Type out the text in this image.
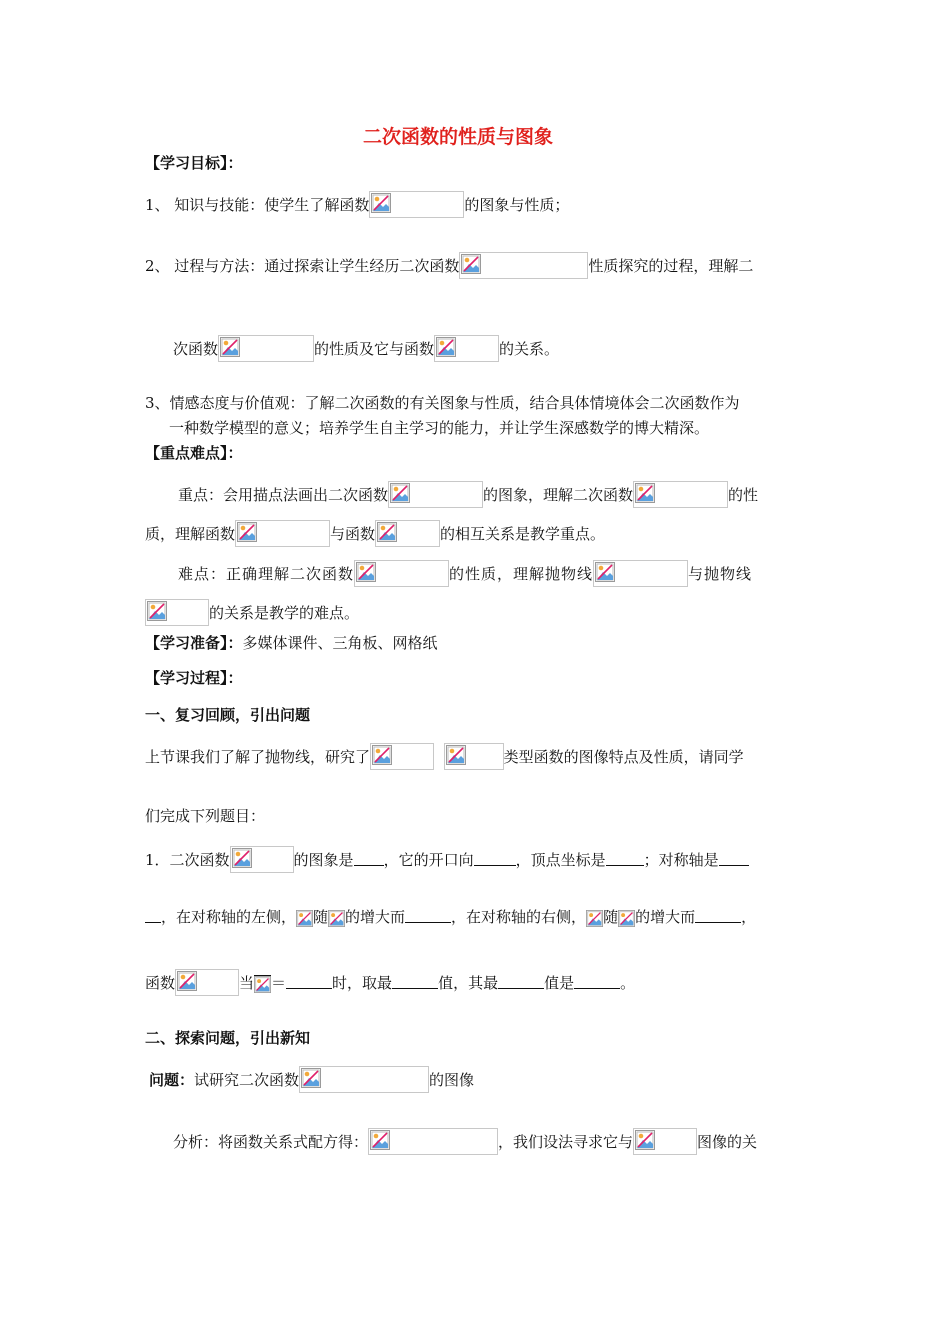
二次函数的性质与图象
【学习目标】：
1、 知识与技能：使学生了解函数	的图象与性质；
2、 过程与方法：通过探索让学生经历二次函数	性质探究的过程，理解二
次函数	的性质及它与函数	的关系。
3、情感态度与价值观：了解二次函数的有关图象与性质，结合具体情境体会二次函数作为
一种数学模型的意义；培养学生自主学习的能力，并让学生深感数学的博大精深。
【重点难点】：
重点：会用描点法画出二次函数	的图象，理解二次函数	的性
质，理解函数	与函数	的相互关系是教学重点。
难点：正确理解二次函数	的性质，理解抛物线	与抛物线
的关系是教学的难点。
【学习准备】：多媒体课件、三角板、网格纸
【学习过程】：
一、复习回顾，引出问题
上节课我们了解了抛物线，研究了
	类型函数的图像特点及性质，请同学
们完成下列题目：
1．二次函数	的图象是 ，它的开口向	，顶点坐标是	；对称轴是
，在对称轴的左侧， 随 的增大而	，在对称轴的右侧， 随 的增大而	，
函数	当 ＝	时，取最	值，其最	值是	。
二、探索问题，引出新知
问题：试研究二次函数	的图像
分析：将函数关系式配方得：	，我们设法寻求它与	图像的关
